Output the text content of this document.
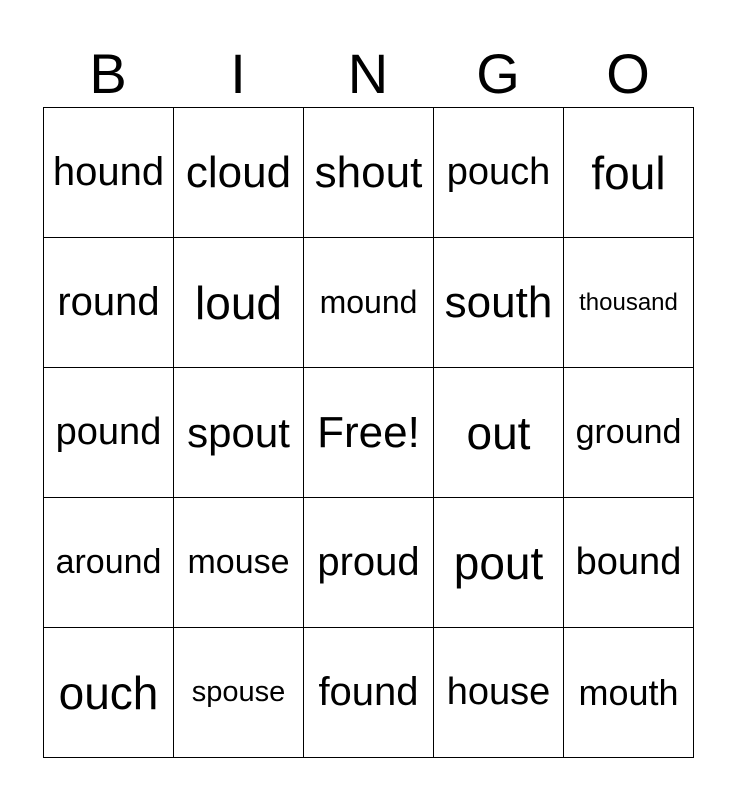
B	I	N	G	O
hound cloud shout pouch foul
round loud mound south thousand
pound spout Free! out ground
around mouse proud pout bound
ouch spouse found house mouth
